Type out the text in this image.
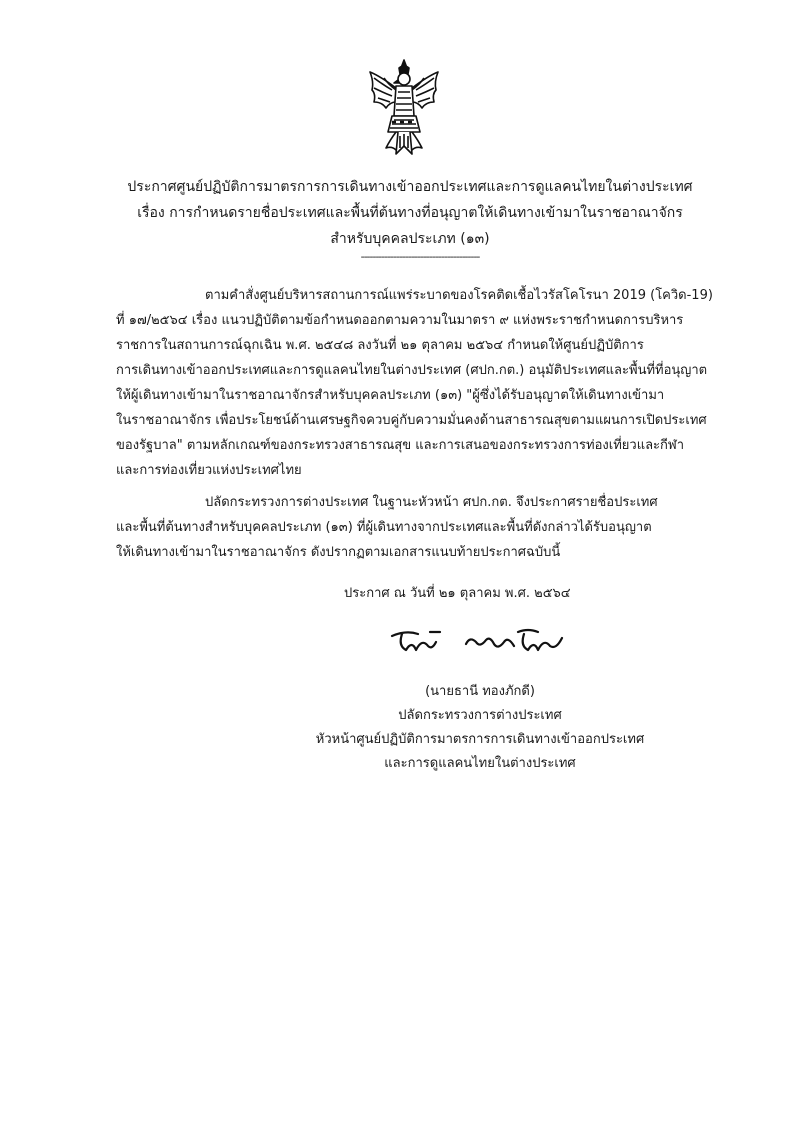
ประกาศศูนย์ปฏิบัติการมาตรการการเดินทางเข้าออกประเทศและการดูแลคนไทยในต่างประเทศ
เรื่อง การกำหนดรายชื่อประเทศและพื้นที่ต้นทางที่อนุญาตให้เดินทางเข้ามาในราชอาณาจักร
สำหรับบุคคลประเภท (๑๓)
----------------------------------------
ตามคำสั่งศูนย์บริหารสถานการณ์แพร่ระบาดของโรคติดเชื้อไวรัสโคโรนา 2019 (โควิด-19)
ที่ ๑๗/๒๕๖๔ เรื่อง แนวปฏิบัติตามข้อกำหนดออกตามความในมาตรา ๙ แห่งพระราชกำหนดการบริหาร
ราชการในสถานการณ์ฉุกเฉิน พ.ศ. ๒๕๔๘ ลงวันที่ ๒๑ ตุลาคม ๒๕๖๔ กำหนดให้ศูนย์ปฏิบัติการ
การเดินทางเข้าออกประเทศและการดูแลคนไทยในต่างประเทศ (ศปก.กต.) อนุมัติประเทศและพื้นที่ที่อนุญาต
ให้ผู้เดินทางเข้ามาในราชอาณาจักรสำหรับบุคคลประเภท (๑๓) "ผู้ซึ่งได้รับอนุญาตให้เดินทางเข้ามา
ในราชอาณาจักร เพื่อประโยชน์ด้านเศรษฐกิจควบคู่กับความมั่นคงด้านสาธารณสุขตามแผนการเปิดประเทศ
ของรัฐบาล" ตามหลักเกณฑ์ของกระทรวงสาธารณสุข และการเสนอของกระทรวงการท่องเที่ยวและกีฬา
และการท่องเที่ยวแห่งประเทศไทย
ปลัดกระทรวงการต่างประเทศ ในฐานะหัวหน้า ศปก.กต. จึงประกาศรายชื่อประเทศ
และพื้นที่ต้นทางสำหรับบุคคลประเภท (๑๓) ที่ผู้เดินทางจากประเทศและพื้นที่ดังกล่าวได้รับอนุญาต
ให้เดินทางเข้ามาในราชอาณาจักร ดังปรากฏตามเอกสารแนบท้ายประกาศฉบับนี้
ประกาศ ณ วันที่ ๒๑ ตุลาคม พ.ศ. ๒๕๖๔
(นายธานี ทองภักดี)
ปลัดกระทรวงการต่างประเทศ
หัวหน้าศูนย์ปฏิบัติการมาตรการการเดินทางเข้าออกประเทศ
และการดูแลคนไทยในต่างประเทศ
